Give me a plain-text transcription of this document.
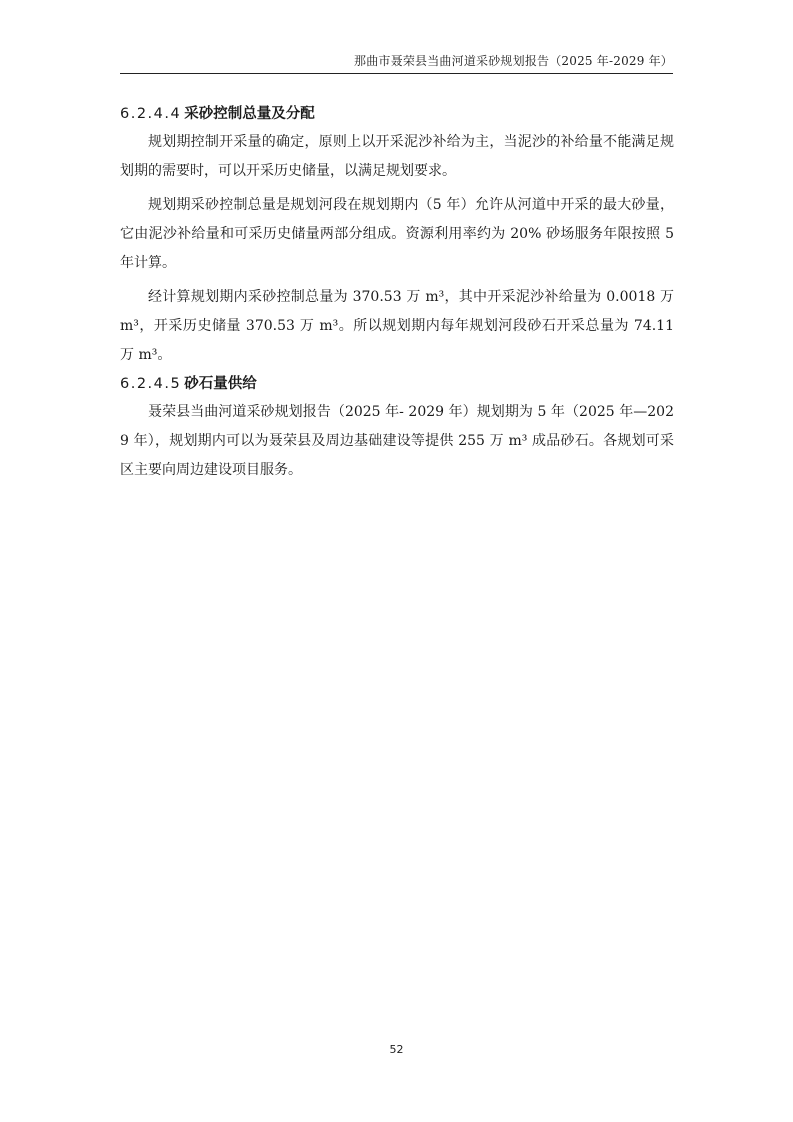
那曲市聂荣县当曲河道采砂规划报告（2025 年-2029 年）
6.2.4.4 采砂控制总量及分配

规划期控制开采量的确定，原则上以开采泥沙补给为主，当泥沙的补给量不能满足规划期的需要时，可以开采历史储量，以满足规划要求。

规划期采砂控制总量是规划河段在规划期内（5 年）允许从河道中开采的最大砂量，它由泥沙补给量和可采历史储量两部分组成。资源利用率约为 20% 砂场服务年限按照 5 年计算。

经计算规划期内采砂控制总量为 370.53 万 m³，其中开采泥沙补给量为 0.0018 万 m³，开采历史储量 370.53 万 m³。所以规划期内每年规划河段砂石开采总量为 74.11 万 m³。

6.2.4.5 砂石量供给

聂荣县当曲河道采砂规划报告（2025 年- 2029 年）规划期为 5 年（2025 年—2029 年），规划期内可以为聂荣县及周边基础建设等提供 255 万 m³ 成品砂石。各规划可采区主要向周边建设项目服务。

52
